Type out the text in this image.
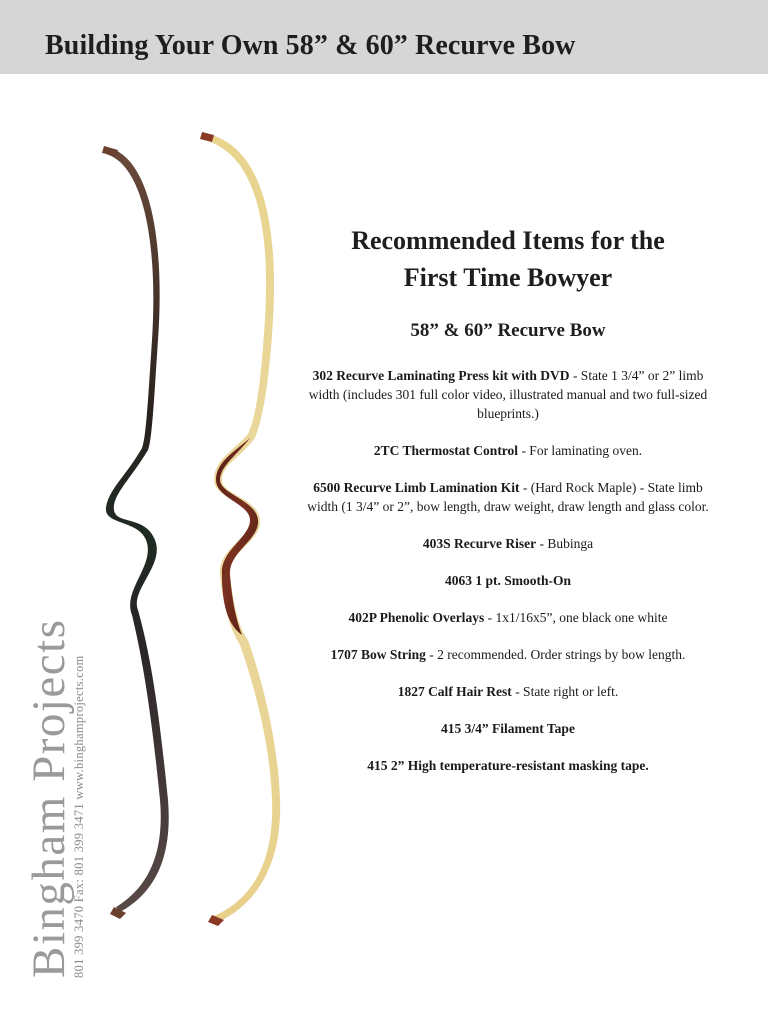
Building Your Own 58” & 60” Recurve Bow
Bingham Projects
801 399 3470 Fax: 801 399 3471 www.binghamprojects.com
Recommended Items for the
First Time Bowyer
58” & 60” Recurve Bow
302 Recurve Laminating Press kit with DVD - State 1 3/4” or 2” limb width (includes 301 full color video, illustrated manual and two full-sized blueprints.)
2TC Thermostat Control - For laminating oven.
6500 Recurve Limb Lamination Kit - (Hard Rock Maple) - State limb width (1 3/4” or 2”, bow length, draw weight, draw length and glass color.
403S Recurve Riser - Bubinga
4063 1 pt. Smooth-On
402P Phenolic Overlays - 1x1/16x5”, one black one white
1707 Bow String - 2 recommended. Order strings by bow length.
1827 Calf Hair Rest - State right or left.
415 3/4” Filament Tape
415 2” High temperature-resistant masking tape.
